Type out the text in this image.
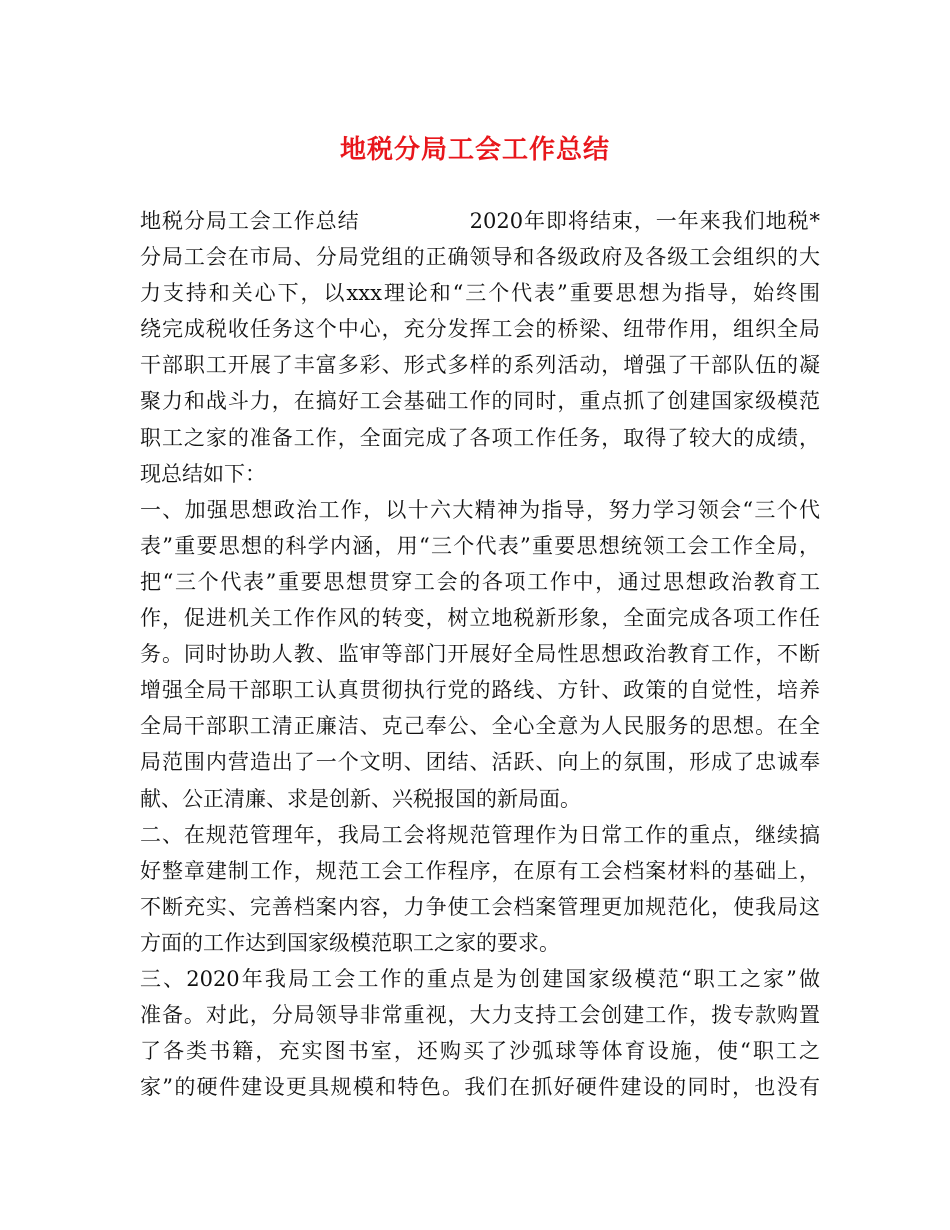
地税分局工会工作总结
地税分局工会工作总结	2020年即将结束，一年来我们地税*
分局工会在市局、分局党组的正确领导和各级政府及各级工会组织的大
力支持和关心下，以xxx理论和“三个代表”重要思想为指导，始终围
绕完成税收任务这个中心，充分发挥工会的桥梁、纽带作用，组织全局
干部职工开展了丰富多彩、形式多样的系列活动，增强了干部队伍的凝
聚力和战斗力，在搞好工会基础工作的同时，重点抓了创建国家级模范
职工之家的准备工作，全面完成了各项工作任务，取得了较大的成绩，
现总结如下：
一、加强思想政治工作，以十六大精神为指导，努力学习领会“三个代
表”重要思想的科学内涵，用“三个代表”重要思想统领工会工作全局，
把“三个代表”重要思想贯穿工会的各项工作中，通过思想政治教育工
作，促进机关工作作风的转变，树立地税新形象，全面完成各项工作任
务。同时协助人教、监审等部门开展好全局性思想政治教育工作，不断
增强全局干部职工认真贯彻执行党的路线、方针、政策的自觉性，培养
全局干部职工清正廉洁、克己奉公、全心全意为人民服务的思想。在全
局范围内营造出了一个文明、团结、活跃、向上的氛围，形成了忠诚奉
献、公正清廉、求是创新、兴税报国的新局面。
二、在规范管理年，我局工会将规范管理作为日常工作的重点，继续搞
好整章建制工作，规范工会工作程序，在原有工会档案材料的基础上，
不断充实、完善档案内容，力争使工会档案管理更加规范化，使我局这
方面的工作达到国家级模范职工之家的要求。
三、2020年我局工会工作的重点是为创建国家级模范“职工之家”做
准备。对此，分局领导非常重视，大力支持工会创建工作，拨专款购置
了各类书籍，充实图书室，还购买了沙弧球等体育设施，使“职工之
家”的硬件建设更具规模和特色。我们在抓好硬件建设的同时，也没有
